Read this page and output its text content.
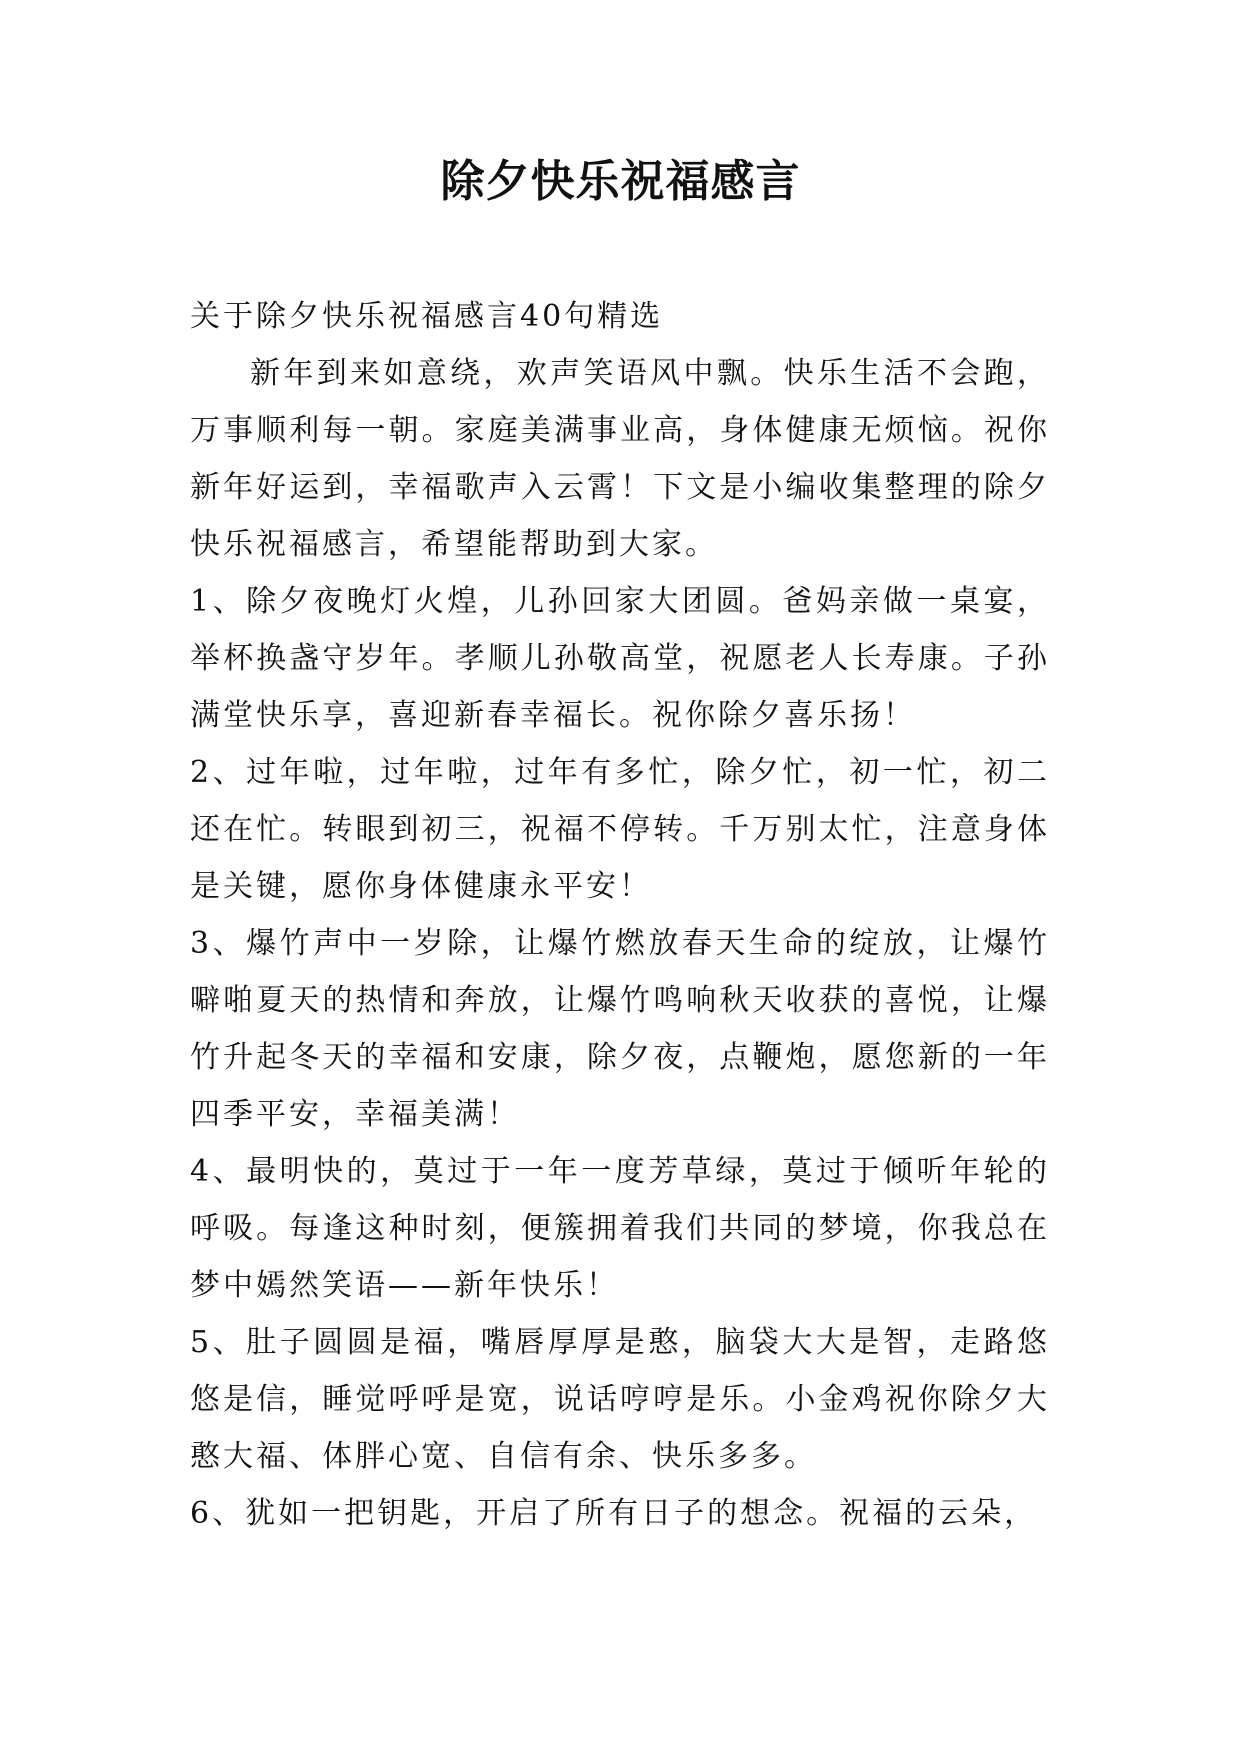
除夕快乐祝福感言

关于除夕快乐祝福感言40句精选

新年到来如意绕，欢声笑语风中飘。快乐生活不会跑，万事顺利每一朝。家庭美满事业高，身体健康无烦恼。祝你新年好运到，幸福歌声入云霄！下文是小编收集整理的除夕快乐祝福感言，希望能帮助到大家。

1、除夕夜晚灯火煌，儿孙回家大团圆。爸妈亲做一桌宴，举杯换盏守岁年。孝顺儿孙敬高堂，祝愿老人长寿康。子孙满堂快乐享，喜迎新春幸福长。祝你除夕喜乐扬！

2、过年啦，过年啦，过年有多忙，除夕忙，初一忙，初二还在忙。转眼到初三，祝福不停转。千万别太忙，注意身体是关键，愿你身体健康永平安！

3、爆竹声中一岁除，让爆竹燃放春天生命的绽放，让爆竹噼啪夏天的热情和奔放，让爆竹鸣响秋天收获的喜悦，让爆竹升起冬天的幸福和安康，除夕夜，点鞭炮，愿您新的一年四季平安，幸福美满！

4、最明快的，莫过于一年一度芳草绿，莫过于倾听年轮的呼吸。每逢这种时刻，便簇拥着我们共同的梦境，你我总在梦中嫣然笑语——新年快乐！

5、肚子圆圆是福，嘴唇厚厚是憨，脑袋大大是智，走路悠悠是信，睡觉呼呼是宽，说话哼哼是乐。小金鸡祝你除夕大憨大福、体胖心宽、自信有余、快乐多多。

6、犹如一把钥匙，开启了所有日子的想念。祝福的云朵，
